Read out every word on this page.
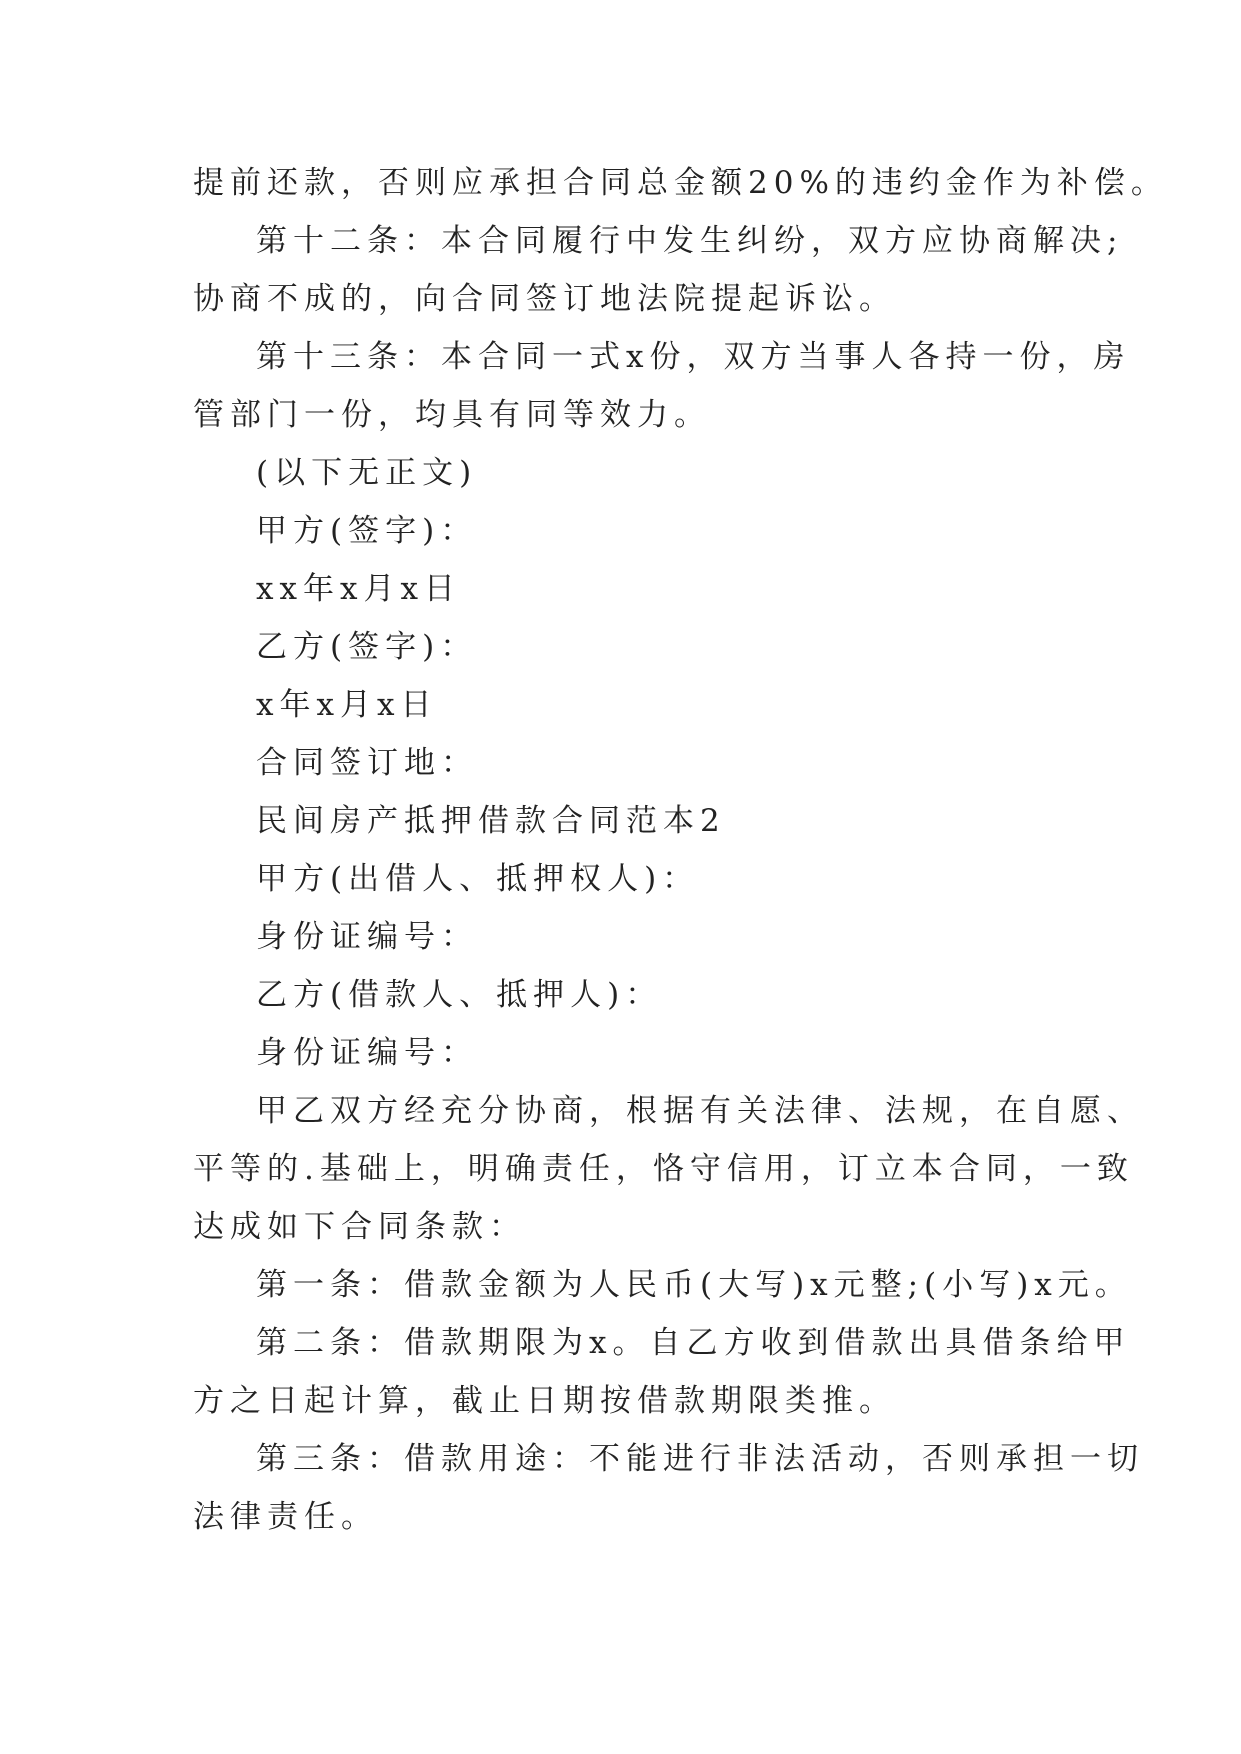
提前还款，否则应承担合同总金额20%的违约金作为补偿。

第十二条：本合同履行中发生纠纷，双方应协商解决;

协商不成的，向合同签订地法院提起诉讼。

第十三条：本合同一式x份，双方当事人各持一份，房

管部门一份，均具有同等效力。

(以下无正文)

甲方(签字)：

xx年x月x日

乙方(签字)：

x年x月x日

合同签订地：

民间房产抵押借款合同范本2

甲方(出借人、抵押权人)：

身份证编号：

乙方(借款人、抵押人)：

身份证编号：

甲乙双方经充分协商，根据有关法律、法规，在自愿、

平等的.基础上，明确责任，恪守信用，订立本合同，一致

达成如下合同条款：

第一条：借款金额为人民币(大写)x元整;(小写)x元。

第二条：借款期限为x。自乙方收到借款出具借条给甲

方之日起计算，截止日期按借款期限类推。

第三条：借款用途：不能进行非法活动，否则承担一切

法律责任。
